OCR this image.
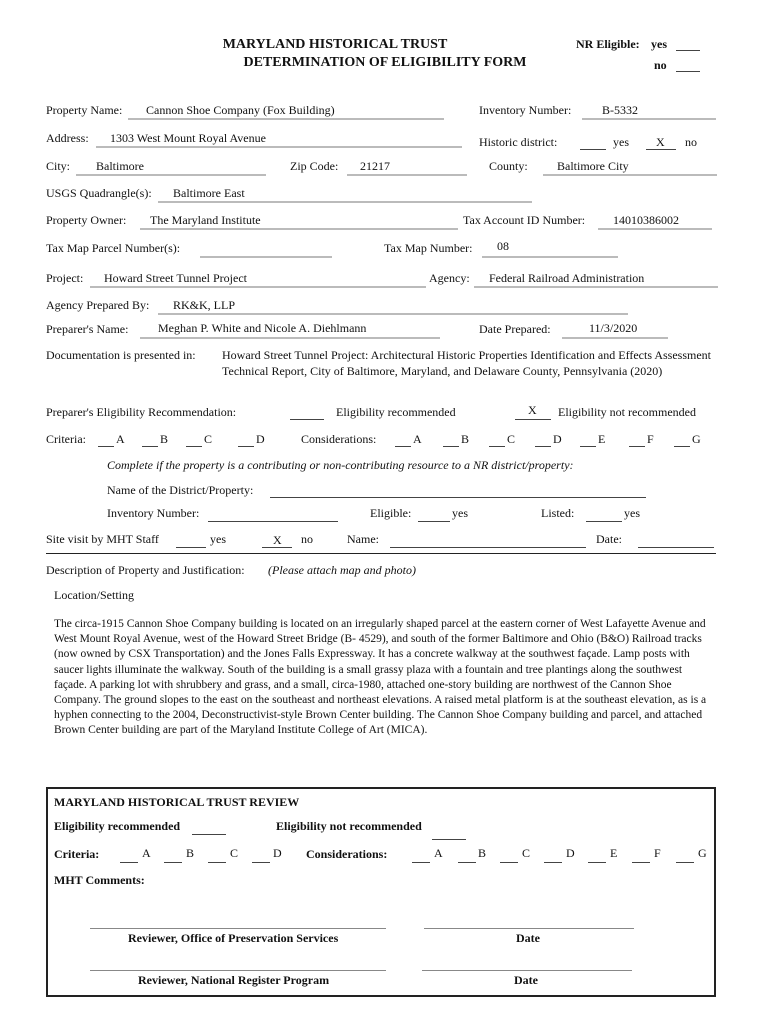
MARYLAND HISTORICAL TRUST
DETERMINATION OF ELIGIBILITY FORM
NR Eligible: yes
no
Property Name: Cannon Shoe Company (Fox Building)	Inventory Number:	B-5332
Address: 1303 West Mount Royal Avenue	Historic district:	yes X no
City: Baltimore	Zip Code: 21217	County: Baltimore City
USGS Quadrangle(s): Baltimore East
Property Owner: The Maryland Institute	Tax Account ID Number: 14010386002
Tax Map Parcel Number(s):	Tax Map Number: 08
Project: Howard Street Tunnel Project	Agency: Federal Railroad Administration
Agency Prepared By: RK&K, LLP
Preparer's Name: Meghan P. White and Nicole A. Diehlmann	Date Prepared:	11/3/2020
Documentation is presented in: Howard Street Tunnel Project: Architectural Historic Properties Identification and Effects Assessment Technical Report, City of Baltimore, Maryland, and Delaware County, Pennsylvania (2020)
Preparer's Eligibility Recommendation:	Eligibility recommended	X Eligibility not recommended
Criteria:	A	B	C	D	Considerations:	A	B	C	D	E	F	G
Complete if the property is a contributing or non-contributing resource to a NR district/property:
Name of the District/Property:
Inventory Number:	Eligible:	yes	Listed:	yes
Site visit by MHT Staff	yes	X no	Name:	Date:
Description of Property and Justification: (Please attach map and photo)
Location/Setting
The circa-1915 Cannon Shoe Company building is located on an irregularly shaped parcel at the eastern corner of West Lafayette Avenue and West Mount Royal Avenue, west of the Howard Street Bridge (B- 4529), and south of the former Baltimore and Ohio (B&O) Railroad tracks (now owned by CSX Transportation) and the Jones Falls Expressway. It has a concrete walkway at the southwest façade. Lamp posts with saucer lights illuminate the walkway. South of the building is a small grassy plaza with a fountain and tree plantings along the southwest façade. A parking lot with shrubbery and grass, and a small, circa-1980, attached one-story building are northwest of the Cannon Shoe Company. The ground slopes to the east on the southeast and northeast elevations. A raised metal platform is at the southeast elevation, as is a hyphen connecting to the 2004, Deconstructivist-style Brown Center building. The Cannon Shoe Company building and parcel, and attached Brown Center building are part of the Maryland Institute College of Art (MICA).
MARYLAND HISTORICAL TRUST REVIEW
Eligibility recommended	Eligibility not recommended
Criteria:	A	B	C	D Considerations:	A	B	C	D	E	F	G
MHT Comments:
Reviewer, Office of Preservation Services	Date
Reviewer, National Register Program	Date
